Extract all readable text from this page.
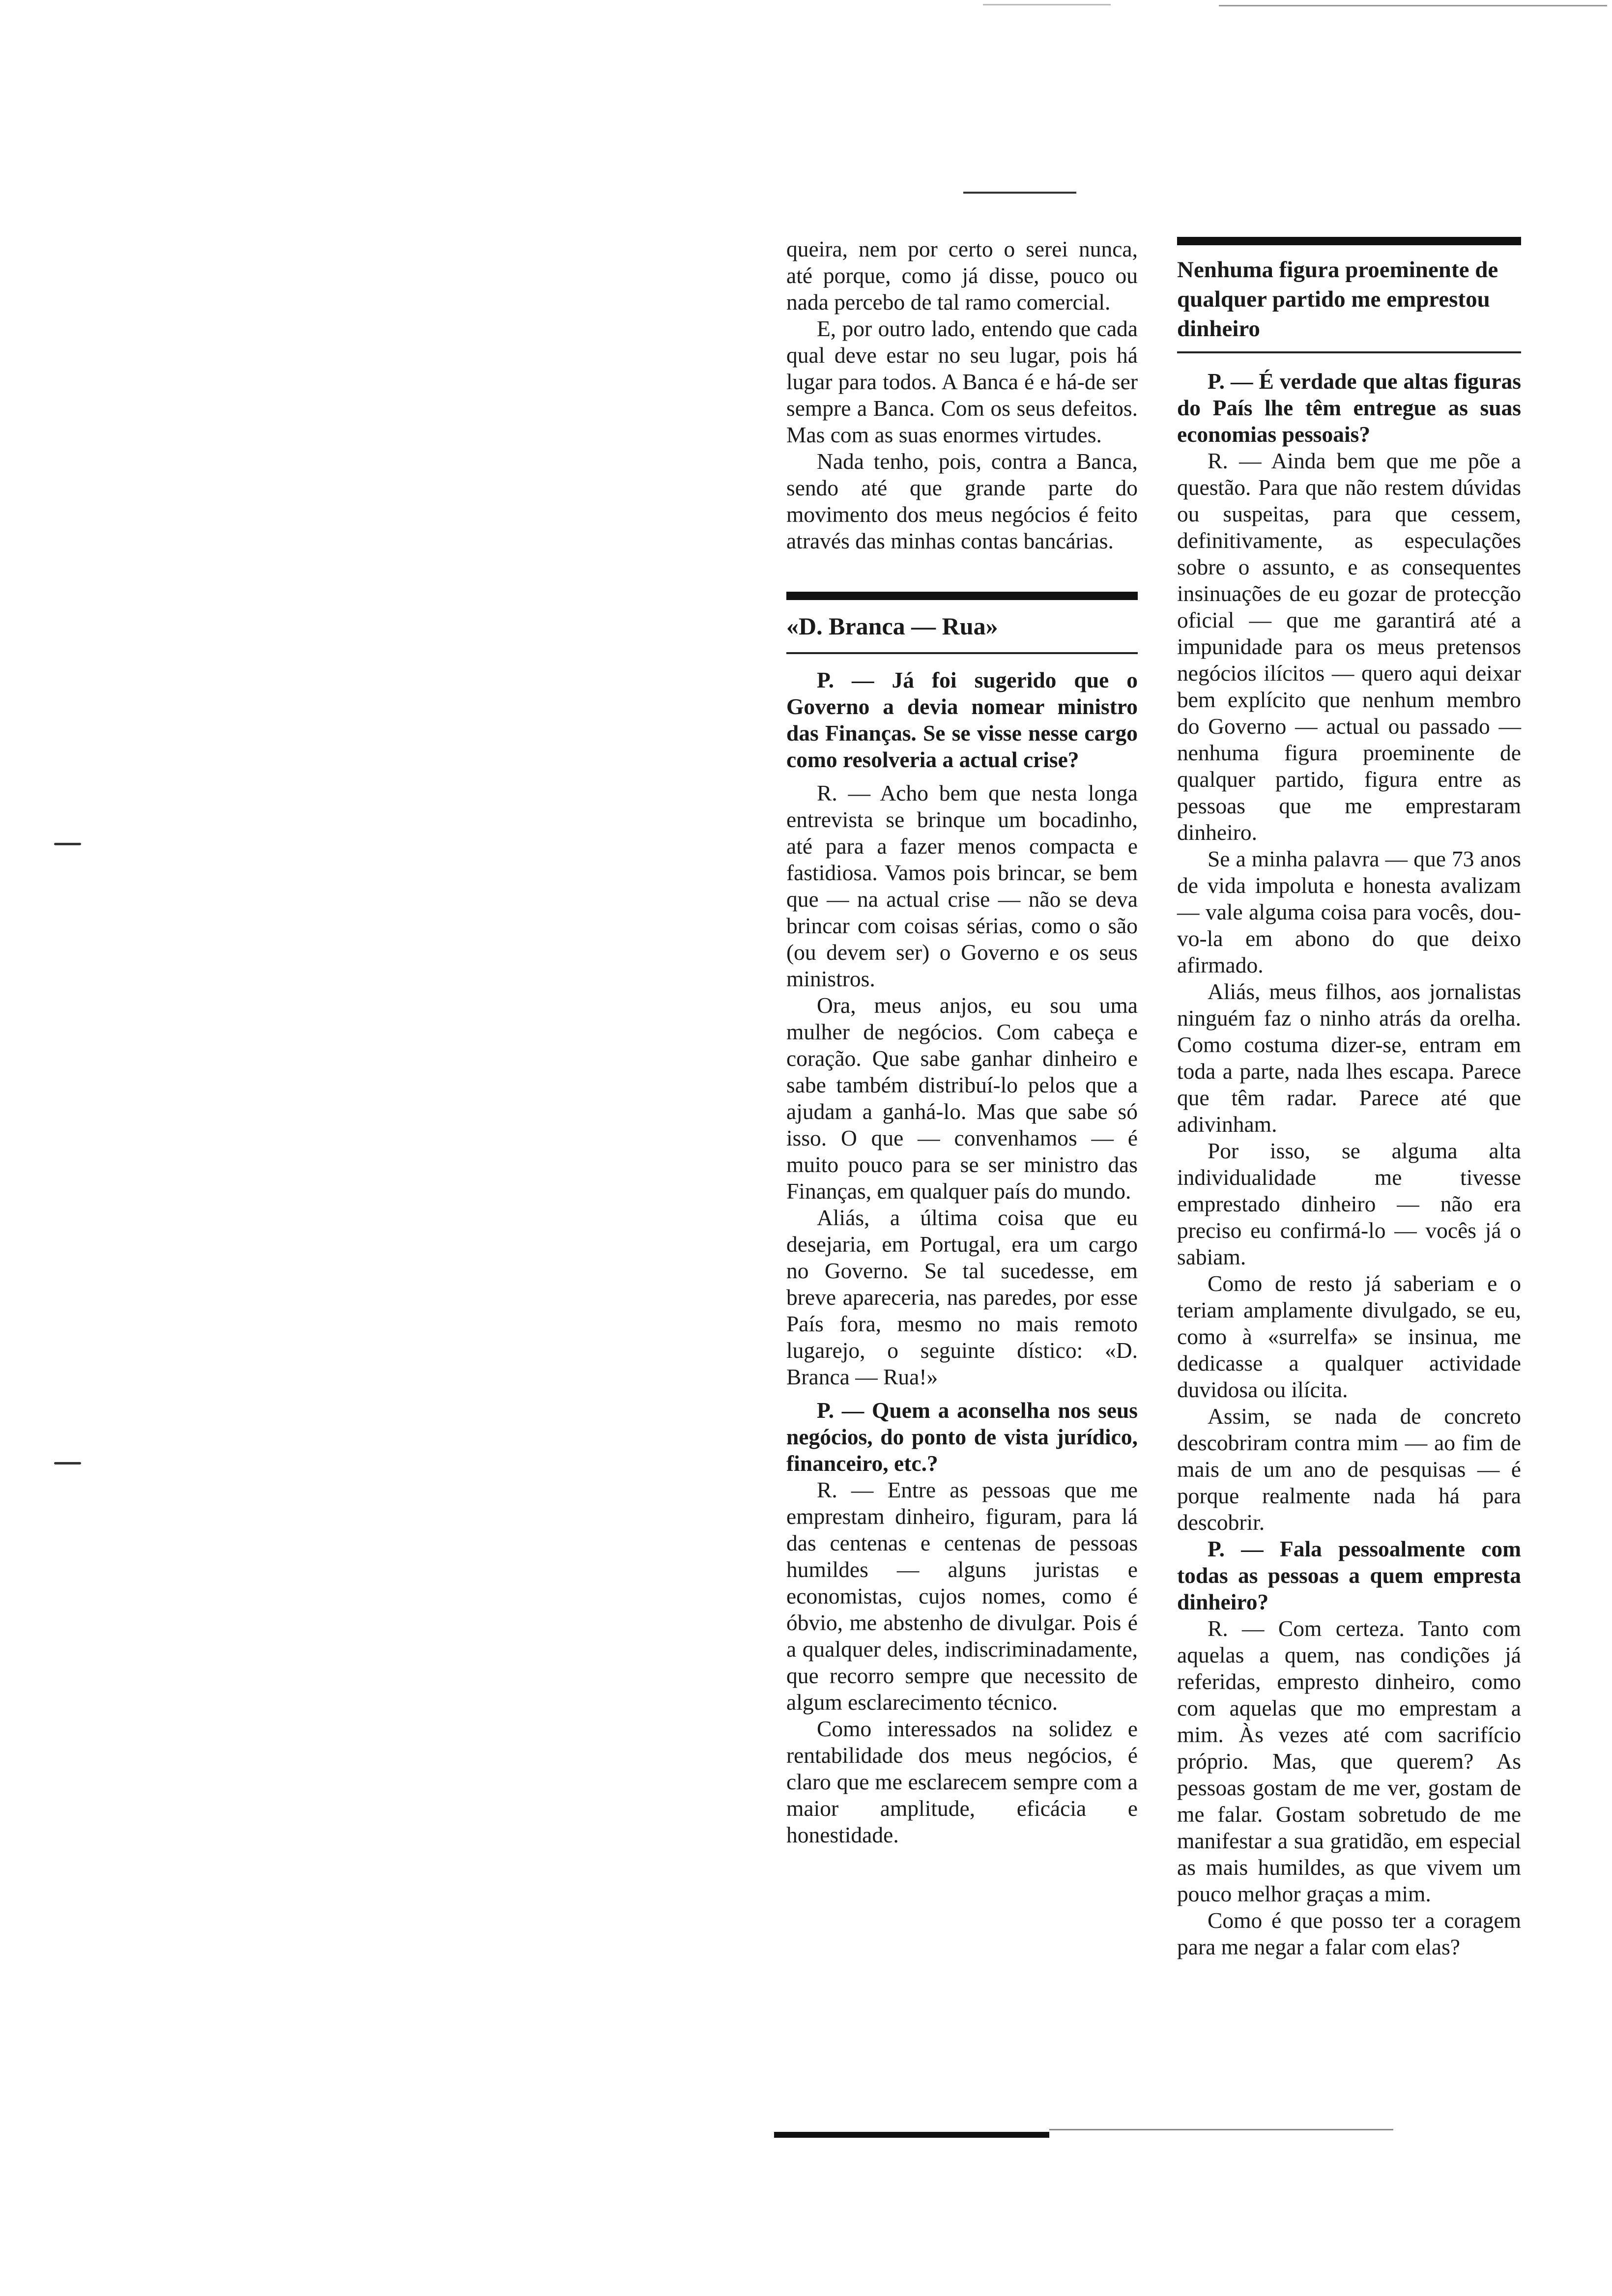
queira, nem por certo o serei nunca, até porque, como já disse, pouco ou nada percebo de tal ramo comercial.

E, por outro lado, entendo que cada qual deve estar no seu lugar, pois há lugar para todos. A Banca é e há-de ser sempre a Banca. Com os seus defeitos. Mas com as suas enormes virtudes.

Nada tenho, pois, contra a Banca, sendo até que grande parte do movimento dos meus negócios é feito através das minhas contas bancárias.

«D. Branca — Rua»

P. — Já foi sugerido que o Governo a devia nomear ministro das Finanças. Se se visse nesse cargo como resolveria a actual crise?

R. — Acho bem que nesta longa entrevista se brinque um bocadinho, até para a fazer menos compacta e fastidiosa. Vamos pois brincar, se bem que — na actual crise — não se deva brincar com coisas sérias, como o são (ou devem ser) o Governo e os seus ministros.

Ora, meus anjos, eu sou uma mulher de negócios. Com cabeça e coração. Que sabe ganhar dinheiro e sabe também distribuí-lo pelos que a ajudam a ganhá-lo. Mas que sabe só isso. O que — convenhamos — é muito pouco para se ser ministro das Finanças, em qualquer país do mundo.

Aliás, a última coisa que eu desejaria, em Portugal, era um cargo no Governo. Se tal sucedesse, em breve apareceria, nas paredes, por esse País fora, mesmo no mais remoto lugarejo, o seguinte dístico: «D. Branca — Rua!»

P. — Quem a aconselha nos seus negócios, do ponto de vista jurídico, financeiro, etc.?

R. — Entre as pessoas que me emprestam dinheiro, figuram, para lá das centenas e centenas de pessoas humildes — alguns juristas e economistas, cujos nomes, como é óbvio, me abstenho de divulgar. Pois é a qualquer deles, indiscriminadamente, que recorro sempre que necessito de algum esclarecimento técnico.

Como interessados na solidez e rentabilidade dos meus negócios, é claro que me esclarecem sempre com a maior amplitude, eficácia e honestidade.

Nenhuma figura proeminente de qualquer partido me emprestou dinheiro

P. — É verdade que altas figuras do País lhe têm entregue as suas economias pessoais?

R. — Ainda bem que me põe a questão. Para que não restem dúvidas ou suspeitas, para que cessem, definitivamente, as especulações sobre o assunto, e as consequentes insinuações de eu gozar de protecção oficial — que me garantirá até a impunidade para os meus pretensos negócios ilícitos — quero aqui deixar bem explícito que nenhum membro do Governo — actual ou passado — nenhuma figura proeminente de qualquer partido, figura entre as pessoas que me emprestaram dinheiro.

Se a minha palavra — que 73 anos de vida impoluta e honesta avalizam — vale alguma coisa para vocês, dou-vo-la em abono do que deixo afirmado.

Aliás, meus filhos, aos jornalistas ninguém faz o ninho atrás da orelha. Como costuma dizer-se, entram em toda a parte, nada lhes escapa. Parece que têm radar. Parece até que adivinham.

Por isso, se alguma alta individualidade me tivesse emprestado dinheiro — não era preciso eu confirmá-lo — vocês já o sabiam.

Como de resto já saberiam e o teriam amplamente divulgado, se eu, como à «surrelfa» se insinua, me dedicasse a qualquer actividade duvidosa ou ilícita.

Assim, se nada de concreto descobriram contra mim — ao fim de mais de um ano de pesquisas — é porque realmente nada há para descobrir.

P. — Fala pessoalmente com todas as pessoas a quem empresta dinheiro?

R. — Com certeza. Tanto com aquelas a quem, nas condições já referidas, empresto dinheiro, como com aquelas que mo emprestam a mim. Às vezes até com sacrifício próprio. Mas, que querem? As pessoas gostam de me ver, gostam de me falar. Gostam sobretudo de me manifestar a sua gratidão, em especial as mais humildes, as que vivem um pouco melhor graças a mim.

Como é que posso ter a coragem para me negar a falar com elas?
